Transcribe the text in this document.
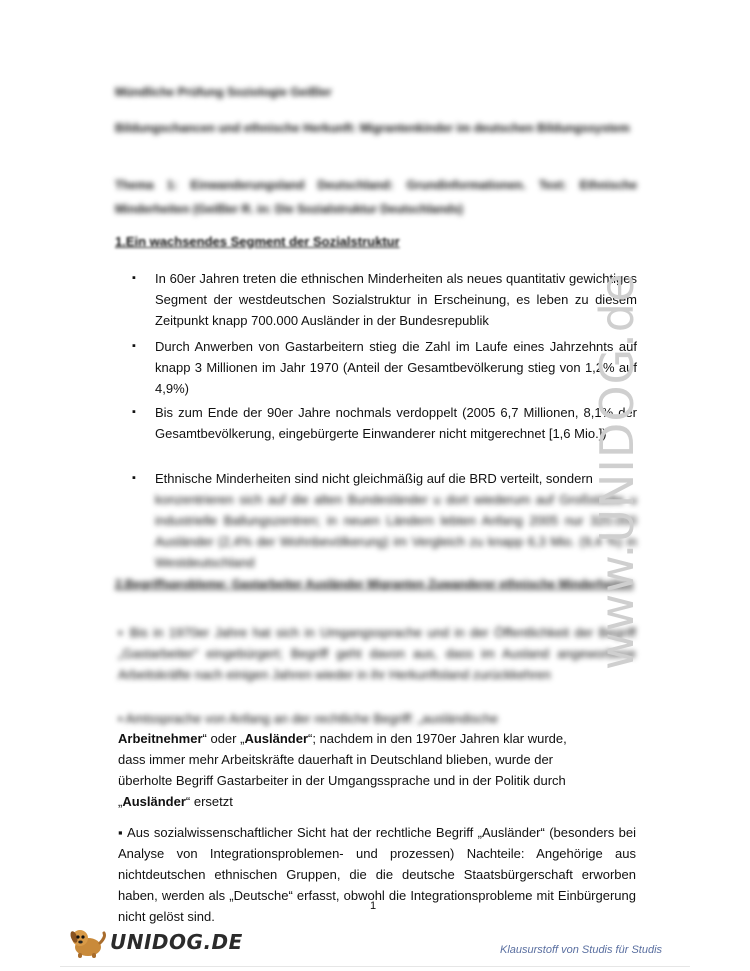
Mündliche Prüfung Soziologie Geißler
Bildungschancen und ethnische Herkunft: Migrantenkinder im deutschen Bildungssystem
Thema 1: Einwanderungsland Deutschland: Grundinformationen. Text: Ethnische Minderheiten (Geißler R. in: Die Sozialstruktur Deutschlands)
1.Ein wachsendes Segment der Sozialstruktur
▪ In 60er Jahren treten die ethnischen Minderheiten als neues quantitativ gewichtiges Segment der westdeutschen Sozialstruktur in Erscheinung, es leben zu diesem Zeitpunkt knapp 700.000 Ausländer in der Bundesrepublik
▪ Durch Anwerben von Gastarbeitern stieg die Zahl im Laufe eines Jahrzehnts auf knapp 3 Millionen im Jahr 1970 (Anteil der Gesamtbevölkerung stieg von 1,2% auf 4,9%)
▪ Bis zum Ende der 90er Jahre nochmals verdoppelt (2005 6,7 Millionen, 8,1% der Gesamtbevölkerung, eingebürgerte Einwanderer nicht mitgerechnet [1,6 Mio.])
▪ Ethnische Minderheiten sind nicht gleichmäßig auf die BRD verteilt, sondern
konzentrieren sich auf die alten Bundesländer u dort wiederum auf Großstädte u industrielle Ballungszentren; in neuen Ländern lebten Anfang 2005 nur 320.000 Ausländer (2,4% der Wohnbevölkerung) im Vergleich zu knapp 6,3 Mio. (9,4 %) in Westdeutschland
2.Begriffsprobleme: Gastarbeiter Ausländer Migranten Zuwanderer ethnische Minderheiten
▪ Bis in 1970er Jahre hat sich in Umgangssprache und in der Öffentlichkeit der Begriff „Gastarbeiter“ eingebürgert; Begriff geht davon aus, dass im Ausland angeworbene Arbeitskräfte nach einigen Jahren wieder in ihr Herkunftsland zurückkehren
▪ Amtssprache von Anfang an der rechtliche Begriff: „ausländische
Arbeitnehmer“ oder „Ausländer“; nachdem in den 1970er Jahren klar wurde,
dass immer mehr Arbeitskräfte dauerhaft in Deutschland blieben, wurde der
überholte Begriff Gastarbeiter in der Umgangssprache und in der Politik durch
„Ausländer“ ersetzt
▪ Aus sozialwissenschaftlicher Sicht hat der rechtliche Begriff „Ausländer“ (besonders bei Analyse von Integrationsproblemen- und prozessen) Nachteile: Angehörige aus nichtdeutschen ethnischen Gruppen, die die deutsche Staatsbürgerschaft erworben haben, werden als „Deutsche“ erfasst, obwohl die Integrationsprobleme mit Einbürgerung nicht gelöst sind.
www.UNIDOG.de
1
UNIDOG.DE	Klausurstoff von Studis für Studis
